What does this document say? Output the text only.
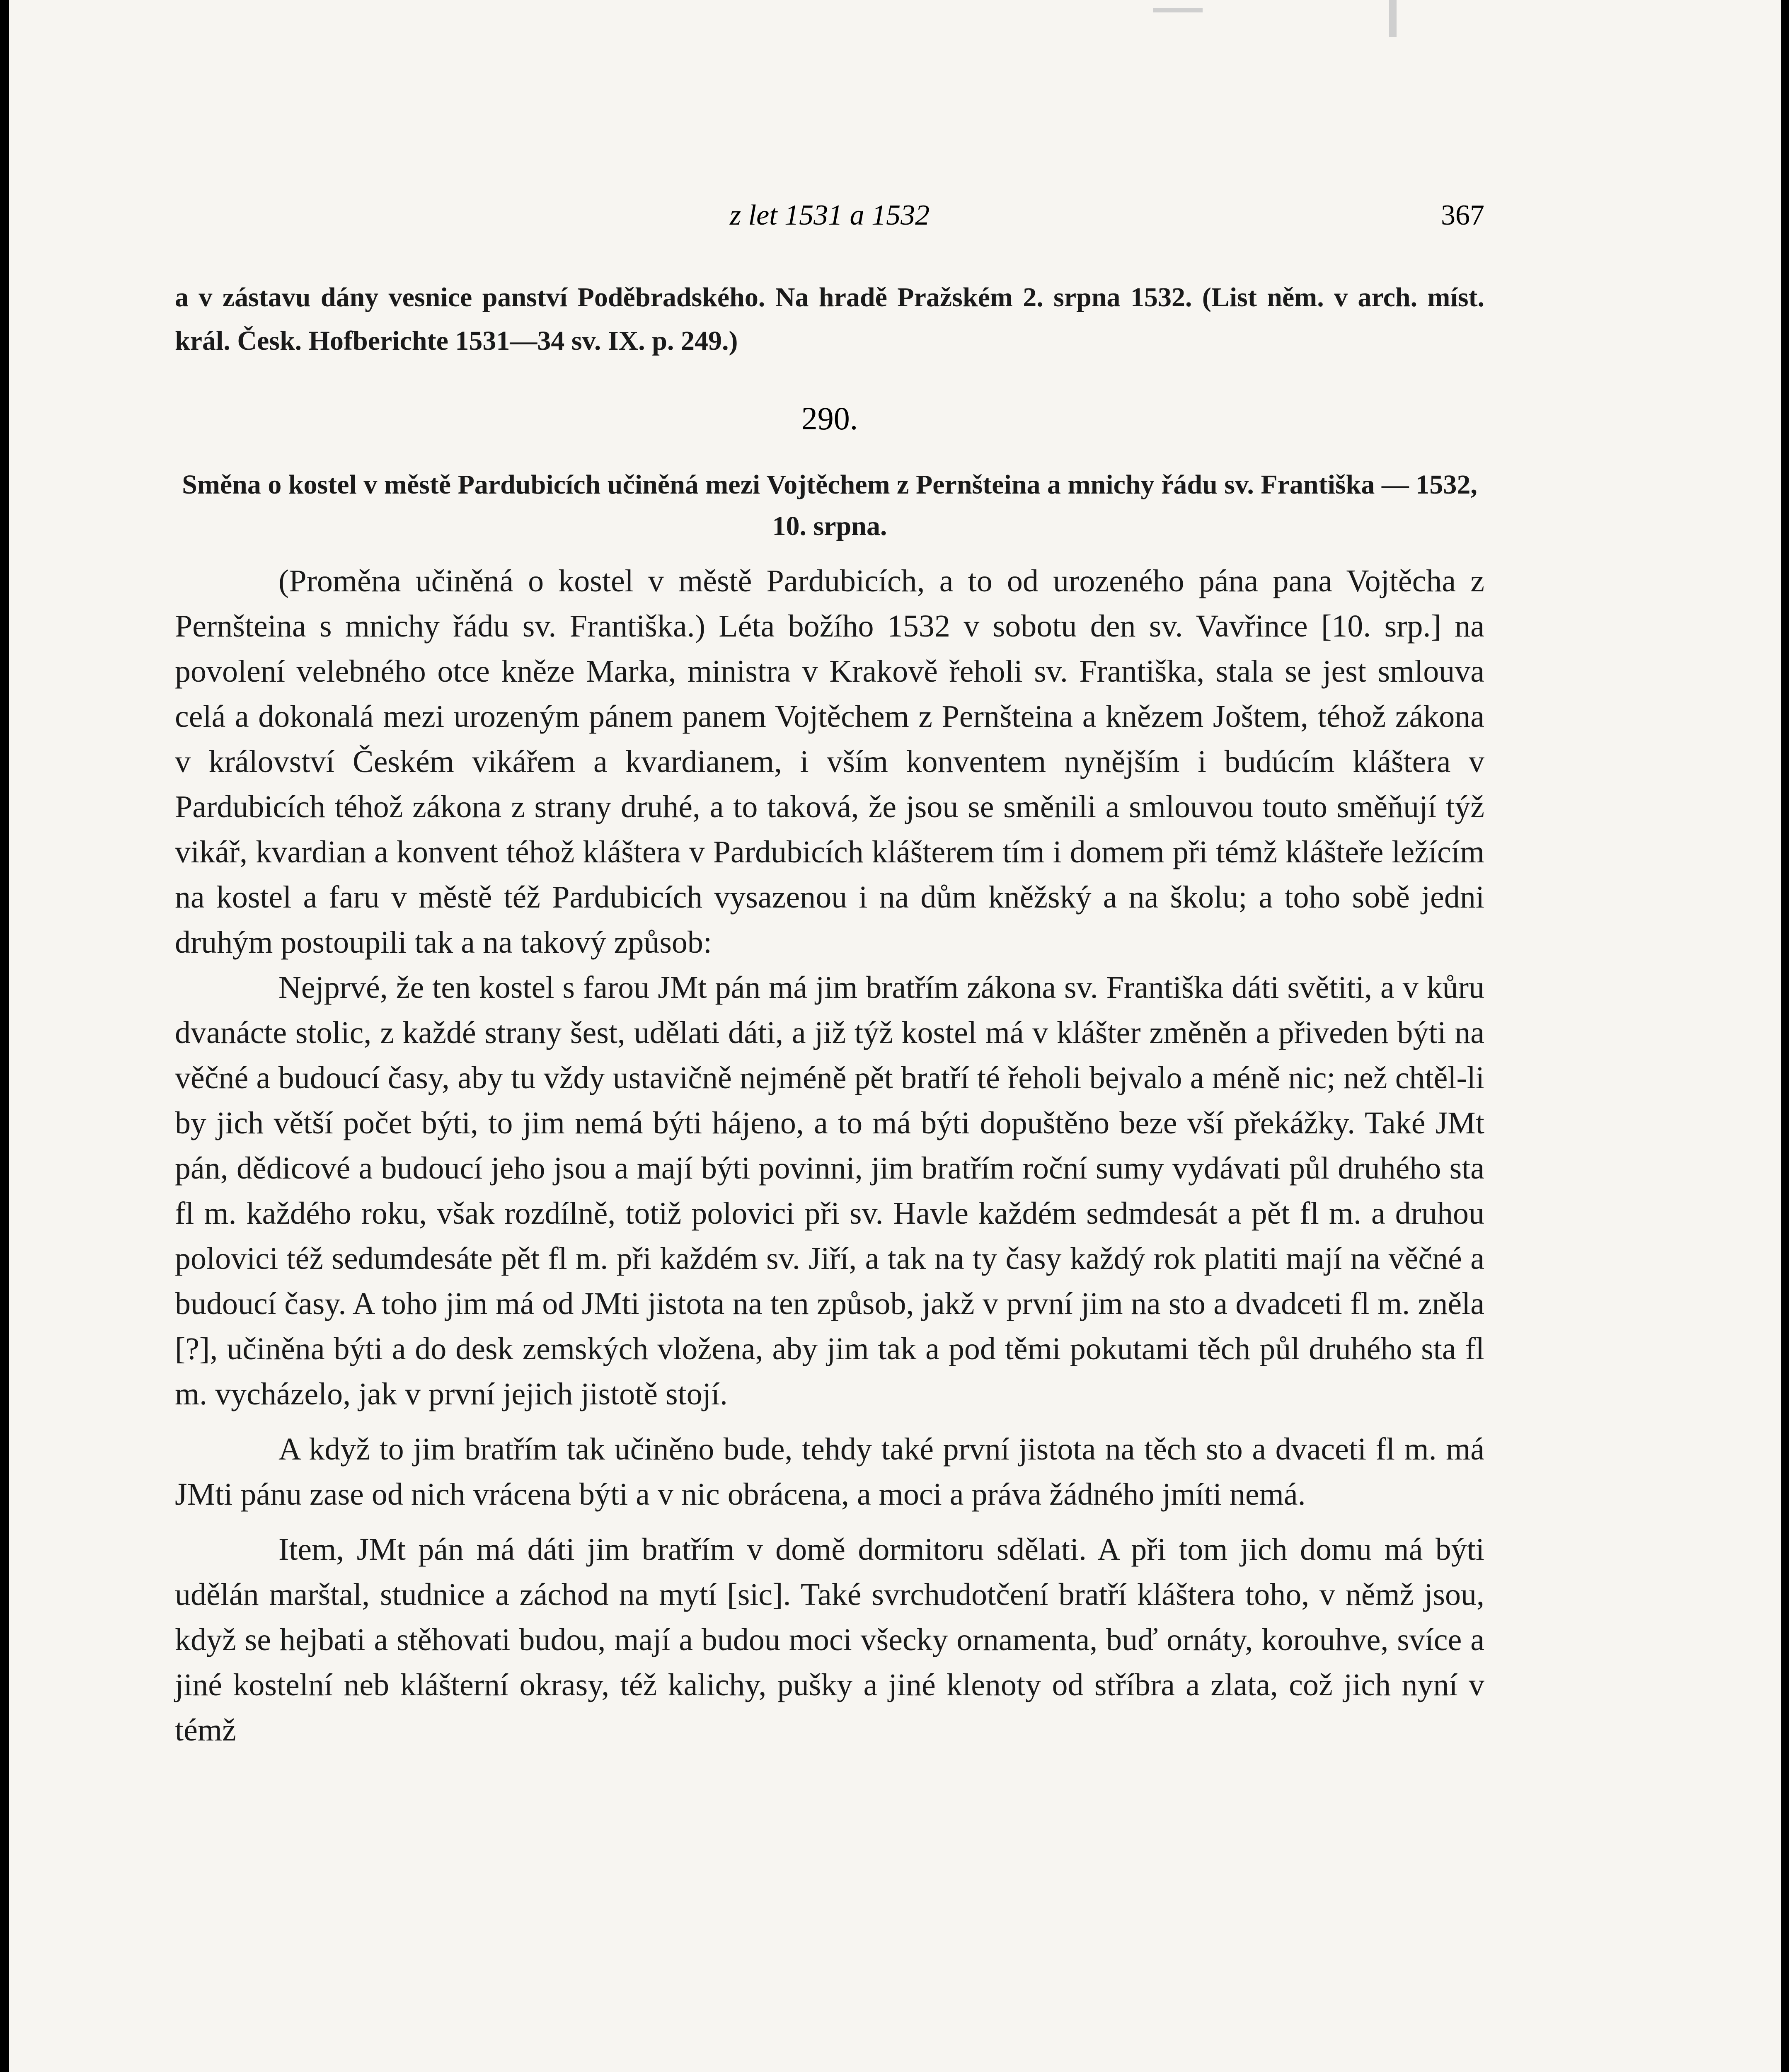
z let 1531 a 1532	367
a v zástavu dány vesnice panství Poděbradského. Na hradě Pražském 2. srpna 1532. (List něm. v arch. míst. král. Česk. Hofberichte 1531—34 sv. IX. p. 249.)
290.
Směna o kostel v městě Pardubicích učiněná mezi Vojtěchem z Pernšteina a mnichy řádu sv. Františka — 1532, 10. srpna.

(Proměna učiněná o kostel v městě Pardubicích, a to od urozeného pána pana Vojtěcha z Pernšteina s mnichy řádu sv. Františka.) Léta božího 1532 v sobotu den sv. Vavřince [10. srp.] na povolení velebného otce kněze Marka, ministra v Krakově řeholi sv. Františka, stala se jest smlouva celá a dokonalá mezi urozeným pánem panem Vojtěchem z Pernšteina a knězem Joštem, téhož zákona v království Českém vikářem a kvardianem, i vším konventem nynějším i budúcím kláštera v Pardubicích téhož zákona z strany druhé, a to taková, že jsou se směnili a smlouvou touto směňují týž vikář, kvardian a konvent téhož kláštera v Pardubicích klášterem tím i domem při témž klášteře ležícím na kostel a faru v městě též Pardubicích vysazenou i na dům kněžský a na školu; a toho sobě jedni druhým postoupili tak a na takový způsob:

Nejprvé, že ten kostel s farou JMt pán má jim bratřím zákona sv. Františka dáti světiti, a v kůru dvanácte stolic, z každé strany šest, udělati dáti, a již týž kostel má v klášter změněn a přiveden býti na věčné a budoucí časy, aby tu vždy ustavičně nejméně pět bratří té řeholi bejvalo a méně nic; než chtěl-li by jich větší počet býti, to jim nemá býti hájeno, a to má býti dopuštěno beze vší překážky. Také JMt pán, dědicové a budoucí jeho jsou a mají býti povinni, jim bratřím roční sumy vydávati půl druhého sta fl m. každého roku, však rozdílně, totiž polovici při sv. Havle každém sedmdesát a pět fl m. a druhou polovici též sedumdesáte pět fl m. při každém sv. Jiří, a tak na ty časy každý rok platiti mají na věčné a budoucí časy. A toho jim má od JMti jistota na ten způsob, jakž v první jim na sto a dvadceti fl m. zněla [?], učiněna býti a do desk zemských vložena, aby jim tak a pod těmi pokutami těch půl druhého sta fl m. vycházelo, jak v první jejich jistotě stojí.

A když to jim bratřím tak učiněno bude, tehdy také první jistota na těch sto a dvaceti fl m. má JMti pánu zase od nich vrácena býti a v nic obrácena, a moci a práva žádného jmíti nemá.

Item, JMt pán má dáti jim bratřím v domě dormitoru sdělati. A při tom jich domu má býti udělán marštal, studnice a záchod na mytí [sic]. Také svrchudotčení bratří kláštera toho, v němž jsou, když se hejbati a stěhovati budou, mají a budou moci všecky ornamenta, buď ornáty, korouhve, svíce a jiné kostelní neb klášterní okrasy, též kalichy, pušky a jiné klenoty od stříbra a zlata, což jich nyní v témž
